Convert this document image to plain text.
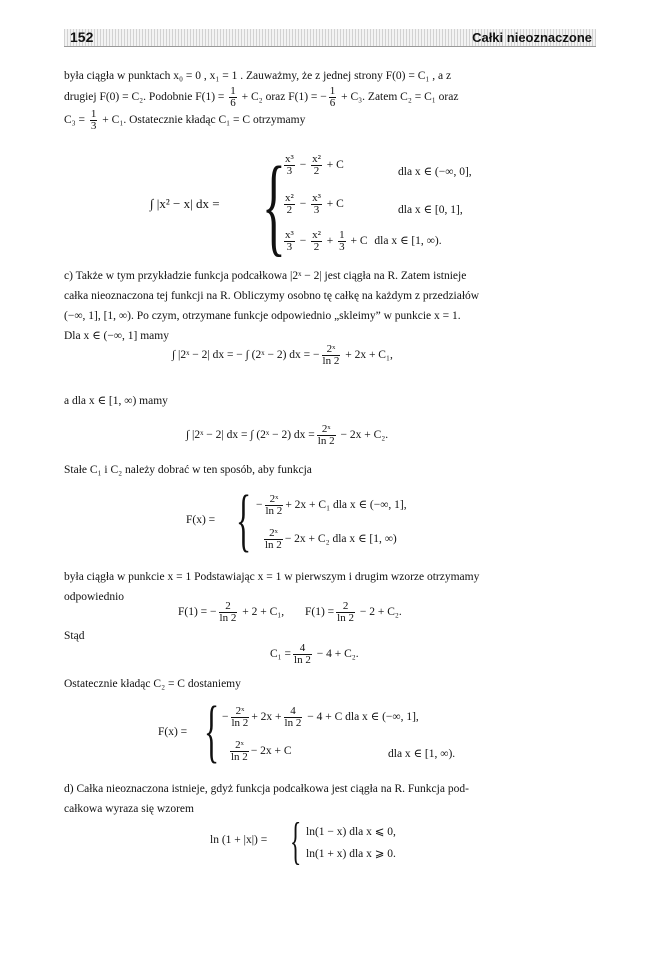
152	Całki nieoznaczone
była ciągła w punktach x₀ = 0 , x₁ = 1 . Zauważmy, że z jednej strony F(0) = C₁ , a z
drugiej F(0) = C₂. Podobnie $F(1) = \frac{1}{6} + C_2$ oraz F(1) = − $\frac{1}{6} + C_3$. Zatem C₂ = C₁ oraz
$C_3 = \frac{1}{3} + C_1$. Ostatecznie kładąc C₁ = C otrzymamy
∫ |x² − x| dx = {
$\frac{\text{x³}}{3} - \frac{\text{x²}}{2} + C$
dla x ∈ (−∞, 0],
$\frac{\text{x²}}{2} - \frac{\text{x³}}{3} + C$	dla x ∈ [0, 1],
$\frac{\text{x³}}{3} - \frac{\text{x²}}{2} + \frac{1}{3} + C$ dla x ∈ [1, ∞).
c) Także w tym przykładzie funkcja podcałkowa |2ˣ − 2| jest ciągła na R. Zatem istnieje
całka nieoznaczona tej funkcji na R. Obliczymy osobno tę całkę na każdym z przedziałów
(−∞, 1], [1, ∞). Po czym, otrzymane funkcje odpowiednio „skleimy” w punkcie x = 1.
Dla x ∈ (−∞, 1] mamy
∫ |2ˣ − 2| dx = − ∫ (2ˣ − 2) dx = − $\frac{\text{2ˣ}}{\ln 2} + 2x + C_1$,
a dla x ∈ [1, ∞) mamy
∫ |2ˣ − 2| dx = ∫ (2ˣ − 2) dx = $\frac{\text{2ˣ}}{\ln 2} - 2x + C_2$.
Stałe C₁ i C₂ należy dobrać w ten sposób, aby funkcja
F(x) = { − $\frac{\text{2ˣ}}{\ln 2} + 2x + C_1$ dla x ∈ (−∞, 1],
$\frac{\text{2ˣ}}{\ln 2} - 2x + C_2$ dla x ∈ [1, ∞)
była ciągła w punkcie x = 1 Podstawiając x = 1 w pierwszym i drugim wzorze otrzymamy
odpowiednio
F(1) = − $\frac{2}{\ln 2} + 2 + C_1$, $F(1) = \frac{2}{\ln 2} - 2 + C_2$.
Stąd
$C_1 = \frac{4}{\ln 2} - 4 + C_2$.
Ostatecznie kładąc C₂ = C dostaniemy
F(x) = { − $\frac{\text{2ˣ}}{\ln 2} + 2x + \frac{4}{\ln 2} - 4 + C$ dla x ∈ (−∞, 1],
$\frac{\text{2ˣ}}{\ln 2} - 2x + C$	dla x ∈ [1, ∞).
d) Całka nieoznaczona istnieje, gdyż funkcja podcałkowa jest ciągła na R. Funkcja pod-
całkowa wyraza się wzorem
ln (1 + |x|) = { ln(1 − x) dla x ⩽ 0,
ln(1 + x) dla x ⩾ 0.
